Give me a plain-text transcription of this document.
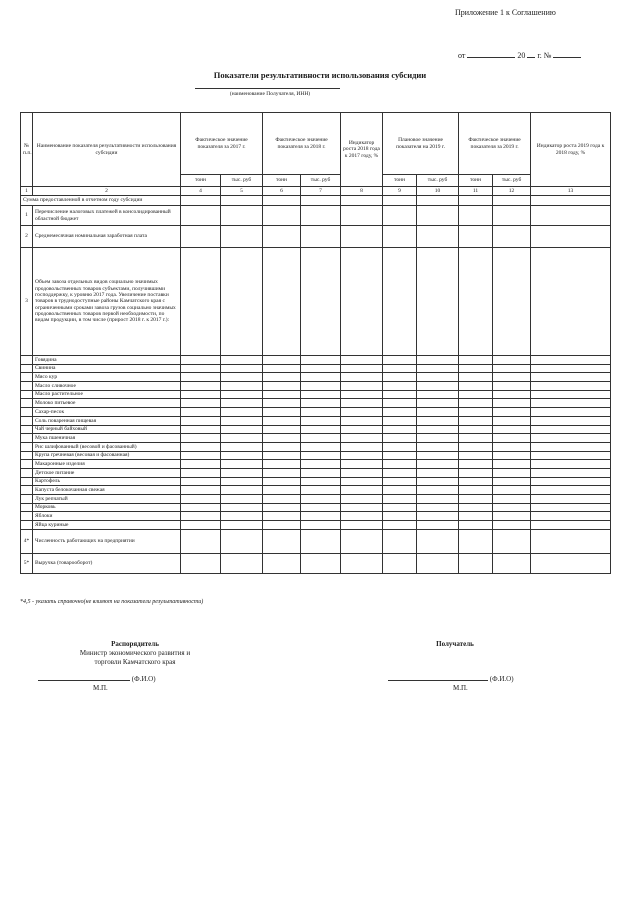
Приложение 1 к Соглашению
от	20 г. №
Показатели результативности использования субсидии
(наименование Получателя, ИНН)
№ п.п.	Наименование показателя результативности использования субсидии	Фактическое значение показателя за 2017 г.		Фактическое значение показателя за 2018 г.		Индикатор роста 2018 года к 2017 году, %	Плановое значение показателя на 2019 г.		Фактическое значение показателя за 2019 г.		Индикатор роста 2019 года к 2018 году, %
		тонн	тыс. руб	тонн	тыс. руб		тонн	тыс. руб	тонн	тыс. руб	
1	2	4	5	6	7	8	9	10	11	12	13
Сумма предоставленной в отчетном году субсидии											
1	Перечисление налоговых платежей в консолидированный областной бюджет										
2	Среднемесячная номинальная заработная плата										
3	Объем завоза отдельных видов социально значимых продовольственных товаров субъектами, получившими господдержку, к уровню 2017 года. Увеличение поставки товаров в труднодоступные районы Камчатского края с ограниченными сроками завоза грузов социально значимых продовольственных товаров первой необходимости, по видам продукции, в том числе (прирост 2018 г. к 2017 г.):										
	Говядина										
	Свинина										
	Мясо кур										
	Масло сливочное										
	Масло растительное										
	Молоко питьевое										
	Сахар-песок										
	Соль поваренная пищевая										
	Чай черный байховый										
	Мука пшеничная										
	Рис шлифованный (весовой и фасованный)										
	Крупа гречневая (весовая и фасованная)										
	Макаронные изделия										
	Детское питание										
	Картофель										
	Капуста белокочанная свежая										
	Лук репчатый										
	Морковь										
	Яблоки										
	Яйца куриные										
4*	Численность работающих на предприятии										
5*	Выручка (товарооборот)										
*4,5 - указать справочно(не влияют на показатели результативности)
Распорядитель
Министр экономического развития и
торговли Камчатского края
(Ф.И.О)
М.П.
Получатель
(Ф.И.О)
М.П.
